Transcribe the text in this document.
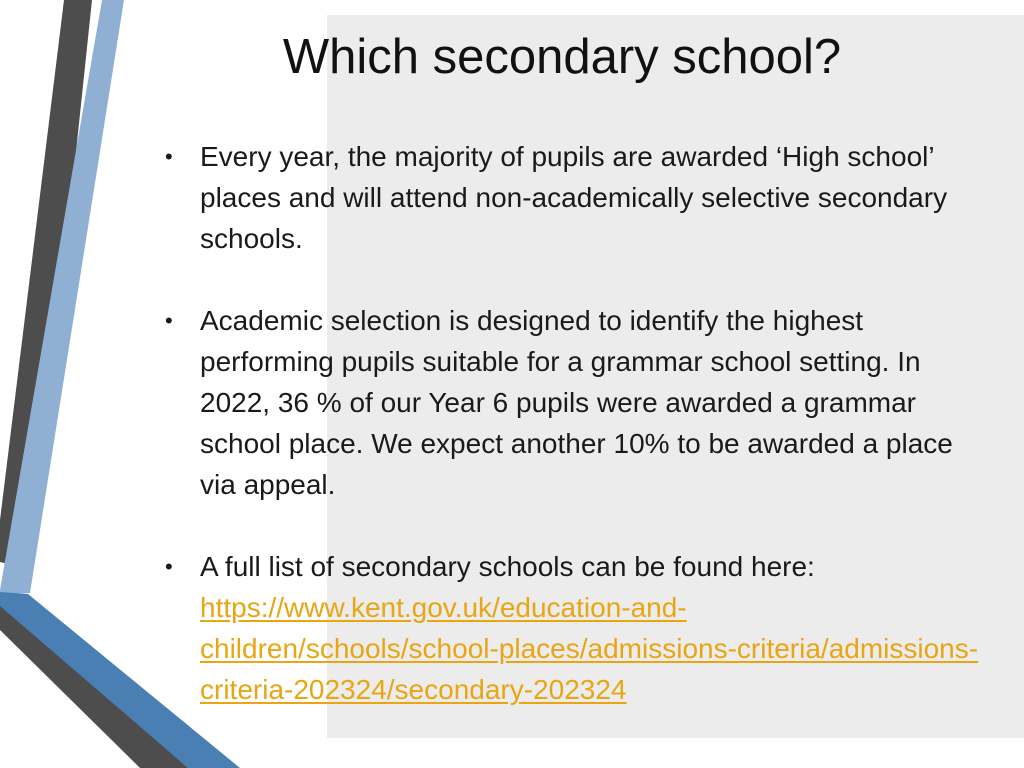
Which secondary school?
• Every year, the majority of pupils are awarded ‘High school’ places and will attend non-academically selective secondary schools.
• Academic selection is designed to identify the highest performing pupils suitable for a grammar school setting. In 2022, 36 % of our Year 6 pupils were awarded a grammar school place. We expect another 10% to be awarded a place via appeal.
• A full list of secondary schools can be found here:
https://www.kent.gov.uk/education-and-children/schools/school-places/admissions-criteria/admissions-criteria-202324/secondary-202324
